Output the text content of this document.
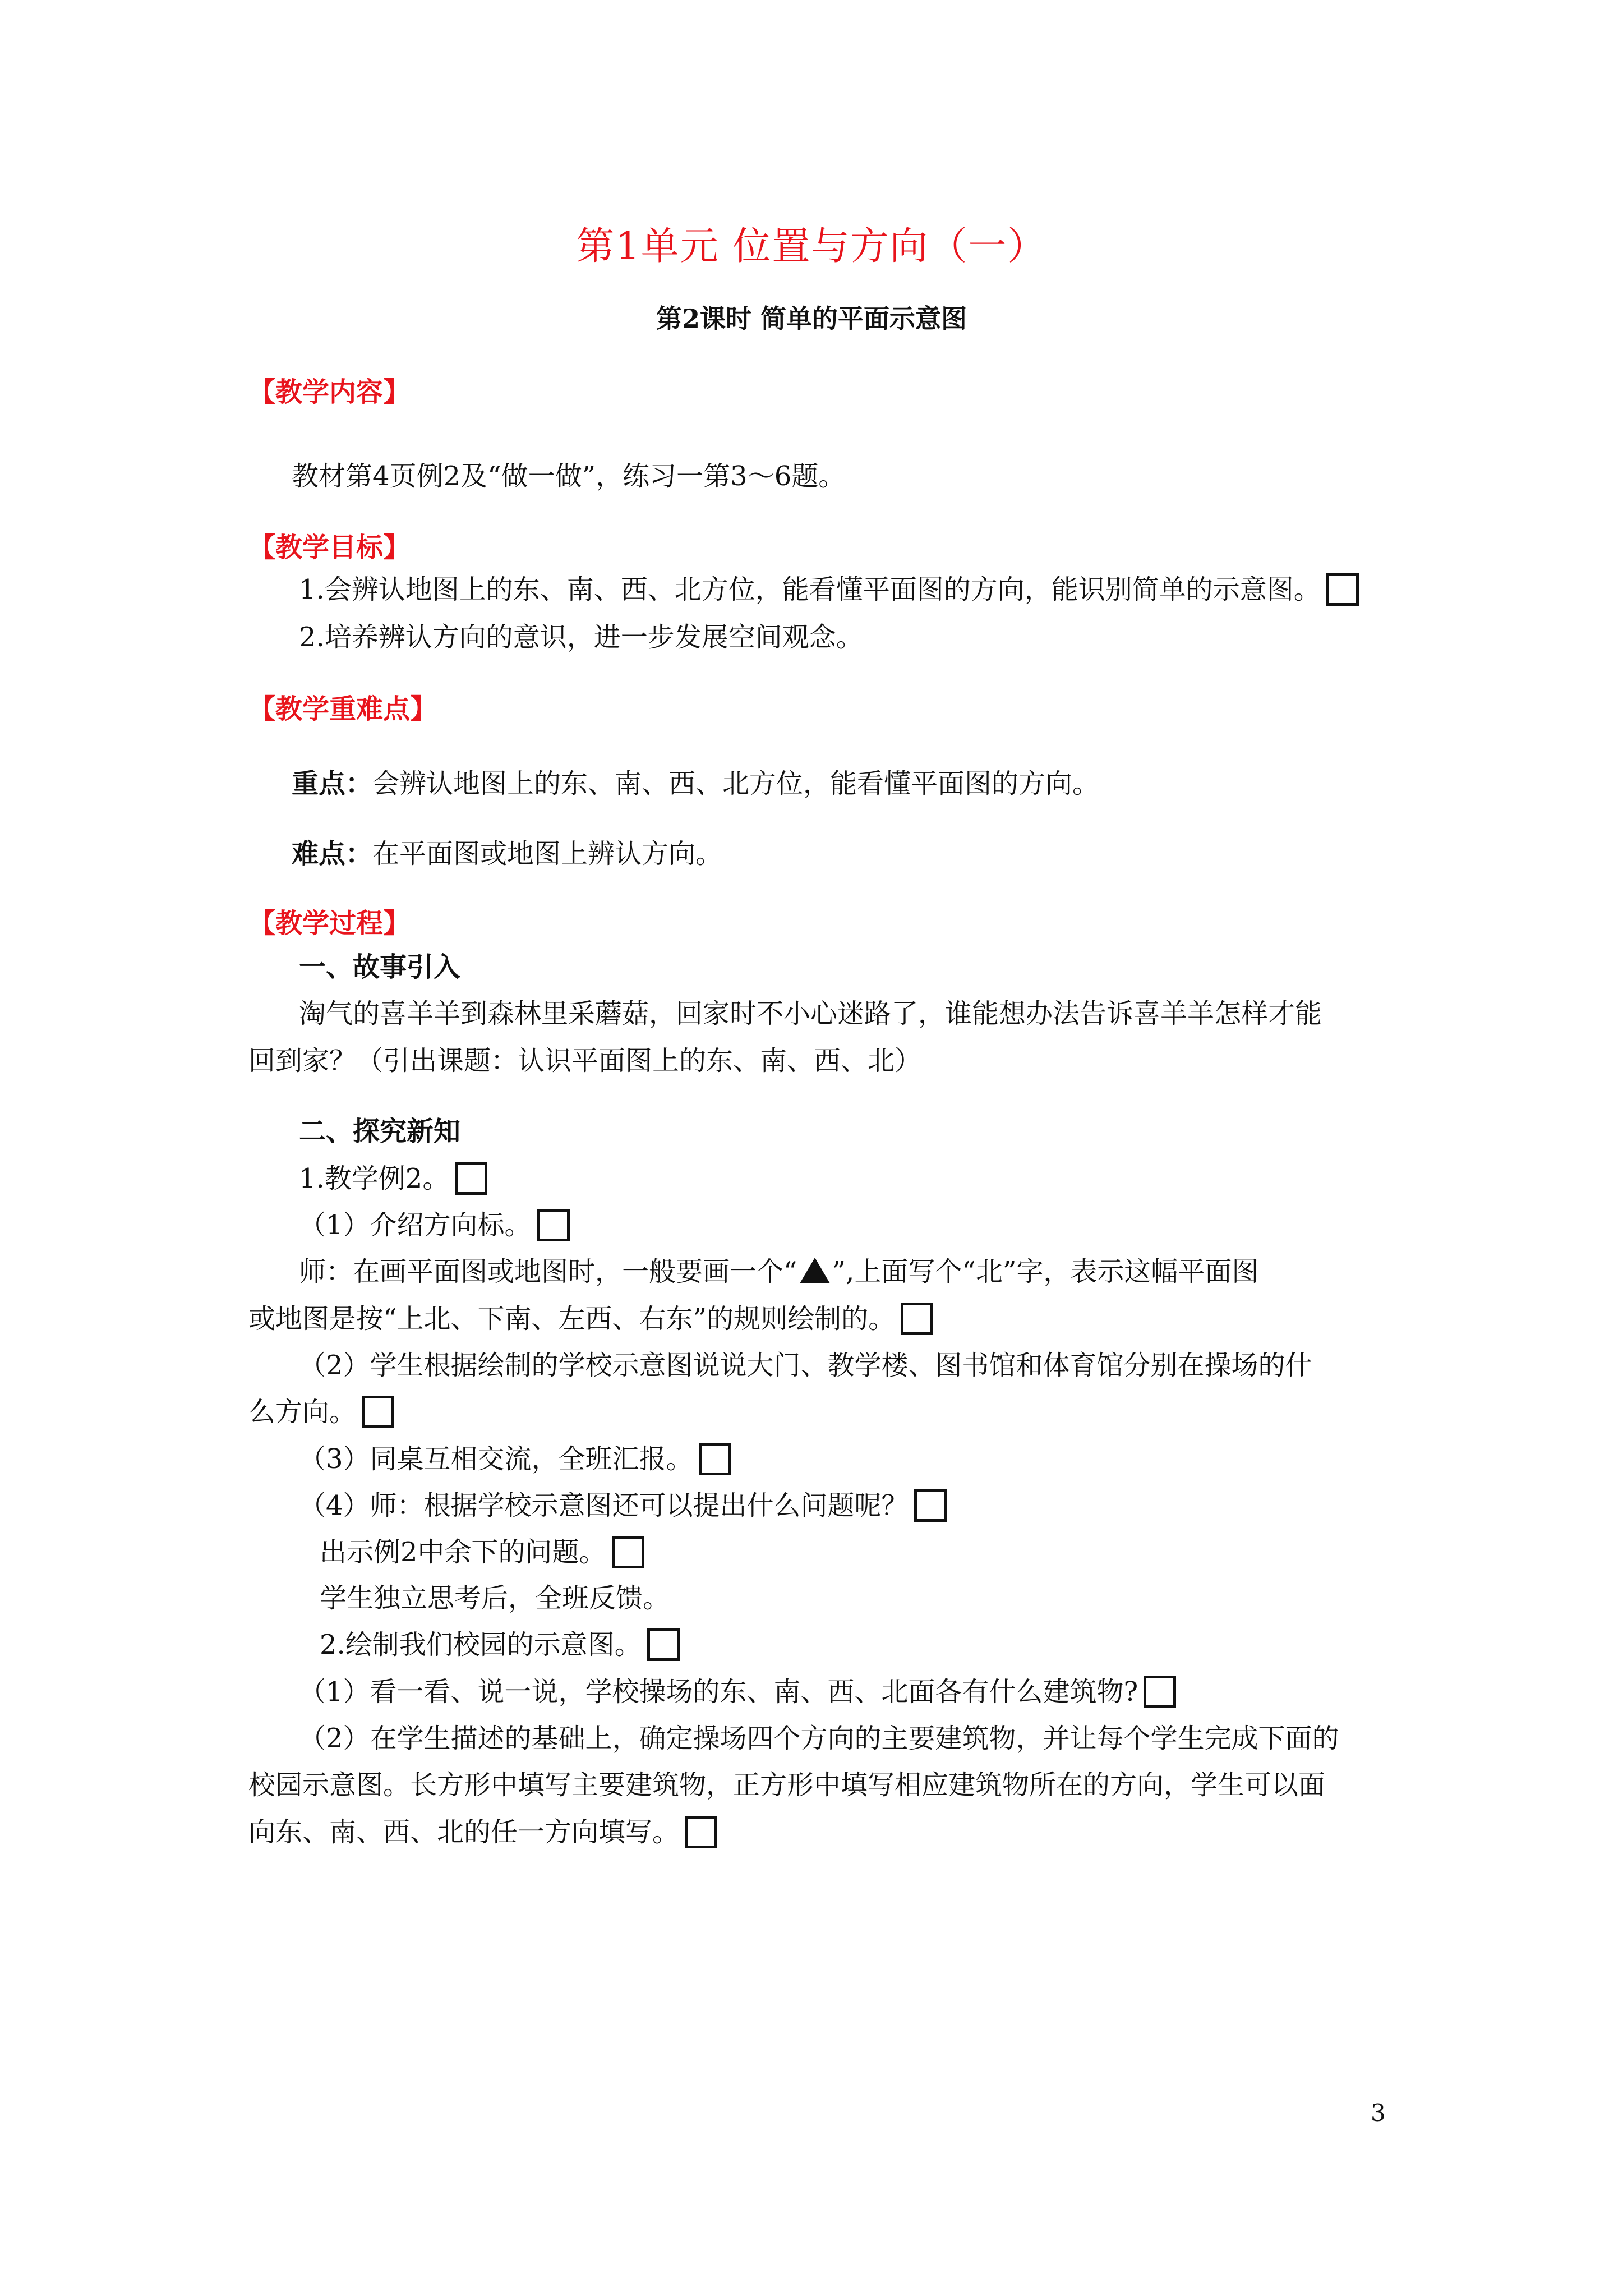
第1单元 位置与方向（一）
第2课时 简单的平面示意图
【教学内容】
教材第4页例2及“做一做”，练习一第3～6题。
【教学目标】
1.会辨认地图上的东、南、西、北方位，能看懂平面图的方向，能识别简单的示意图。
2.培养辨认方向的意识，进一步发展空间观念。
【教学重难点】
重点：会辨认地图上的东、南、西、北方位，能看懂平面图的方向。
难点：在平面图或地图上辨认方向。
【教学过程】
一、故事引入
淘气的喜羊羊到森林里采蘑菇，回家时不小心迷路了，谁能想办法告诉喜羊羊怎样才能
回到家？（引出课题：认识平面图上的东、南、西、北）
二、探究新知
1.教学例2。
（1）介绍方向标。
师：在画平面图或地图时，一般要画一个“ ”,上面写个“北”字，表示这幅平面图
或地图是按“上北、下南、左西、右东”的规则绘制的。
（2）学生根据绘制的学校示意图说说大门、教学楼、图书馆和体育馆分别在操场的什
么方向。
（3）同桌互相交流，全班汇报。
（4）师：根据学校示意图还可以提出什么问题呢？
出示例2中余下的问题。
学生独立思考后，全班反馈。
2.绘制我们校园的示意图。
（1）看一看、说一说，学校操场的东、南、西、北面各有什么建筑物?
（2）在学生描述的基础上，确定操场四个方向的主要建筑物，并让每个学生完成下面的
校园示意图。长方形中填写主要建筑物，正方形中填写相应建筑物所在的方向，学生可以面
向东、南、西、北的任一方向填写。
3
